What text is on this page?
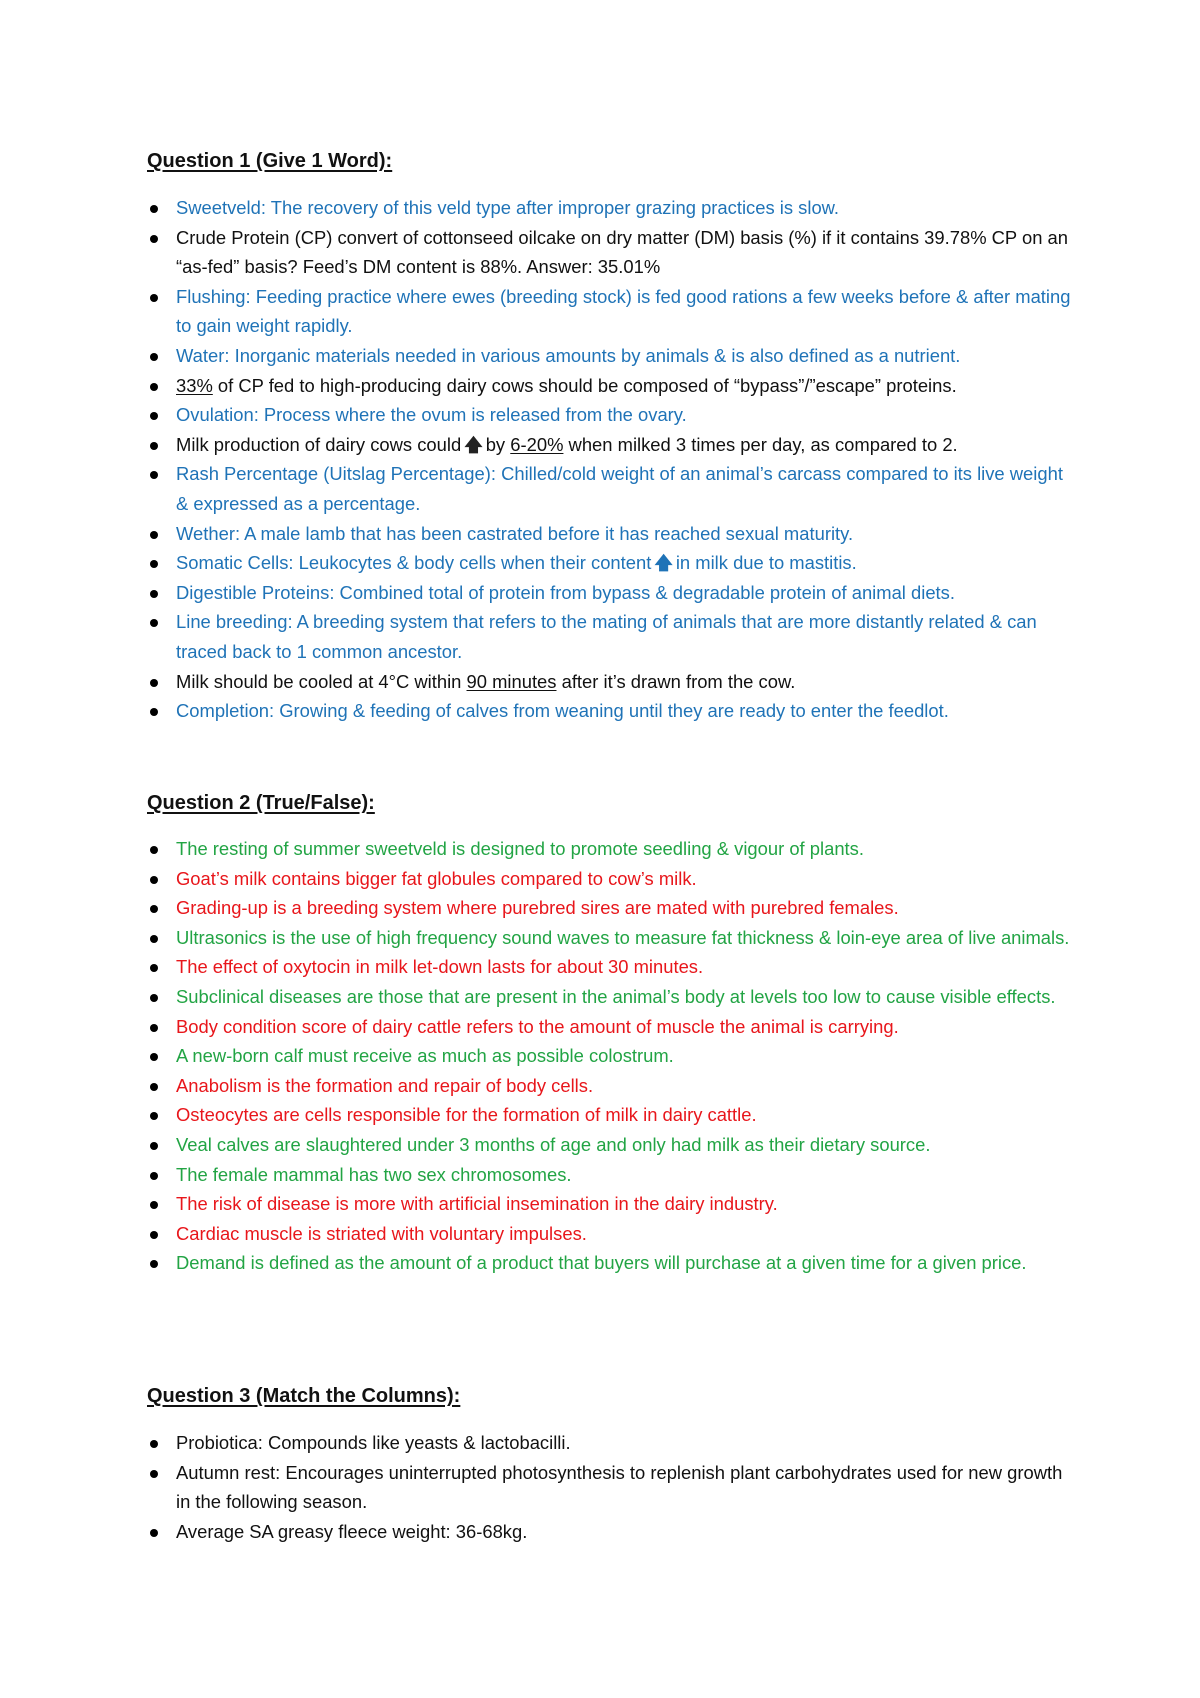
Question 1 (Give 1 Word):
Sweetveld: The recovery of this veld type after improper grazing practices is slow.
Crude Protein (CP) convert of cottonseed oilcake on dry matter (DM) basis (%) if it contains 39.78% CP on an “as-fed” basis? Feed’s DM content is 88%. Answer: 35.01%
Flushing: Feeding practice where ewes (breeding stock) is fed good rations a few weeks before & after mating to gain weight rapidly.
Water: Inorganic materials needed in various amounts by animals & is also defined as a nutrient.
33% of CP fed to high-producing dairy cows should be composed of “bypass”/”escape” proteins.
Ovulation: Process where the ovum is released from the ovary.
Milk production of dairy cows could 🡅 by 6-20% when milked 3 times per day, as compared to 2.
Rash Percentage (Uitslag Percentage): Chilled/cold weight of an animal’s carcass compared to its live weight & expressed as a percentage.
Wether: A male lamb that has been castrated before it has reached sexual maturity.
Somatic Cells: Leukocytes & body cells when their content 🡅 in milk due to mastitis.
Digestible Proteins: Combined total of protein from bypass & degradable protein of animal diets.
Line breeding: A breeding system that refers to the mating of animals that are more distantly related & can traced back to 1 common ancestor.
Milk should be cooled at 4°C within 90 minutes after it’s drawn from the cow.
Completion: Growing & feeding of calves from weaning until they are ready to enter the feedlot.
Question 2 (True/False):
The resting of summer sweetveld is designed to promote seedling & vigour of plants.
Goat’s milk contains bigger fat globules compared to cow’s milk.
Grading-up is a breeding system where purebred sires are mated with purebred females.
Ultrasonics is the use of high frequency sound waves to measure fat thickness & loin-eye area of live animals.
The effect of oxytocin in milk let-down lasts for about 30 minutes.
Subclinical diseases are those that are present in the animal’s body at levels too low to cause visible effects.
Body condition score of dairy cattle refers to the amount of muscle the animal is carrying.
A new-born calf must receive as much as possible colostrum.
Anabolism is the formation and repair of body cells.
Osteocytes are cells responsible for the formation of milk in dairy cattle.
Veal calves are slaughtered under 3 months of age and only had milk as their dietary source.
The female mammal has two sex chromosomes.
The risk of disease is more with artificial insemination in the dairy industry.
Cardiac muscle is striated with voluntary impulses.
Demand is defined as the amount of a product that buyers will purchase at a given time for a given price.
Question 3 (Match the Columns):
Probiotica: Compounds like yeasts & lactobacilli.
Autumn rest: Encourages uninterrupted photosynthesis to replenish plant carbohydrates used for new growth in the following season.
Average SA greasy fleece weight: 36-68kg.
